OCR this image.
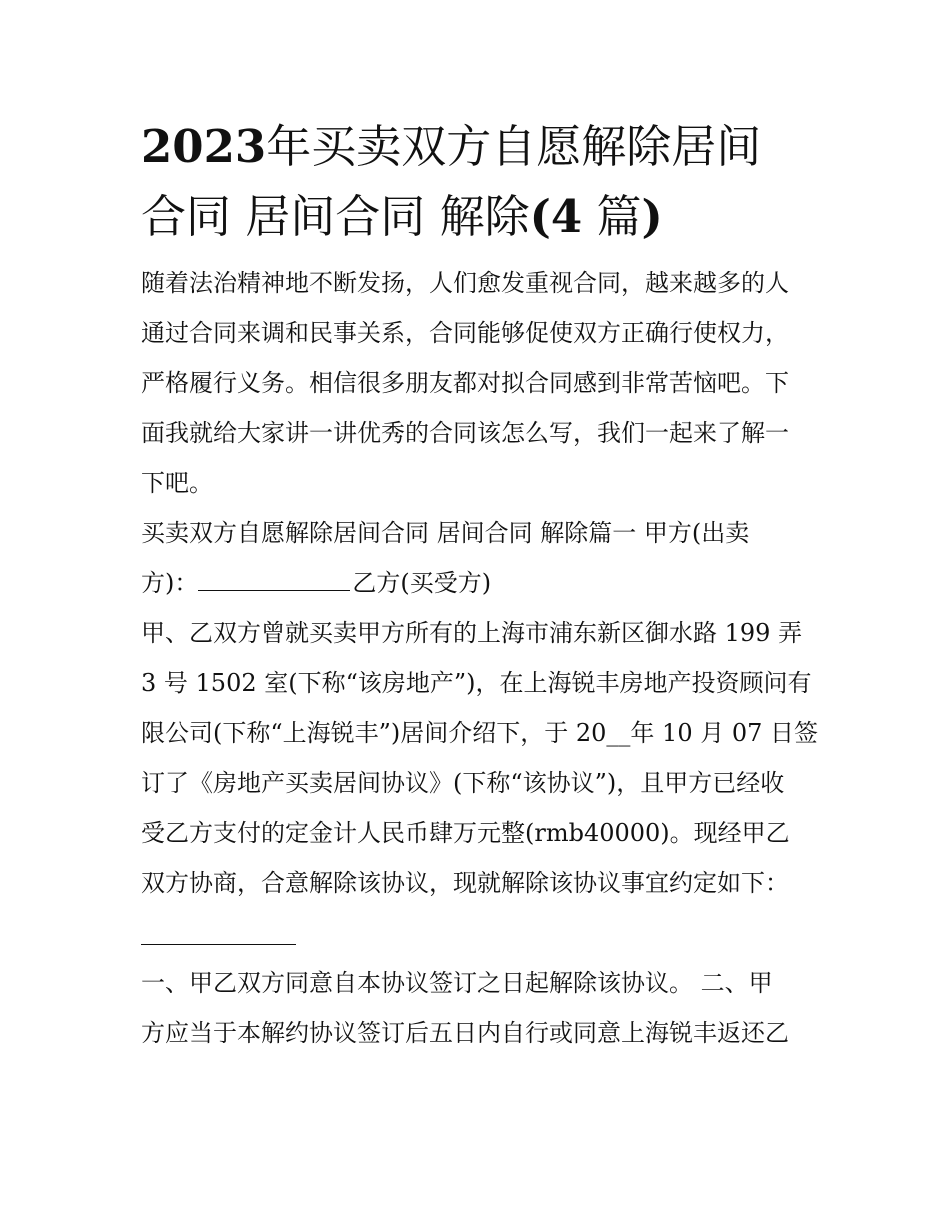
2023年买卖双方自愿解除居间
合同 居间合同 解除(4 篇)

随着法治精神地不断发扬，人们愈发重视合同，越来越多的人
通过合同来调和民事关系，合同能够促使双方正确行使权力，
严格履行义务。相信很多朋友都对拟合同感到非常苦恼吧。下
面我就给大家讲一讲优秀的合同该怎么写，我们一起来了解一
下吧。

买卖双方自愿解除居间合同 居间合同 解除篇一 甲方(出卖
方)：	乙方(买受方)

甲、乙双方曾就买卖甲方所有的上海市浦东新区御水路 199 弄
3 号 1502 室(下称“该房地产”)，在上海锐丰房地产投资顾问有
限公司(下称“上海锐丰”)居间介绍下，于 20__年 10 月 07 日签
订了《房地产买卖居间协议》(下称“该协议”)，且甲方已经收
受乙方支付的定金计人民币肆万元整(rmb40000)。现经甲乙
双方协商，合意解除该协议，现就解除该协议事宜约定如下：

一、甲乙双方同意自本协议签订之日起解除该协议。 二、甲
方应当于本解约协议签订后五日内自行或同意上海锐丰返还乙
